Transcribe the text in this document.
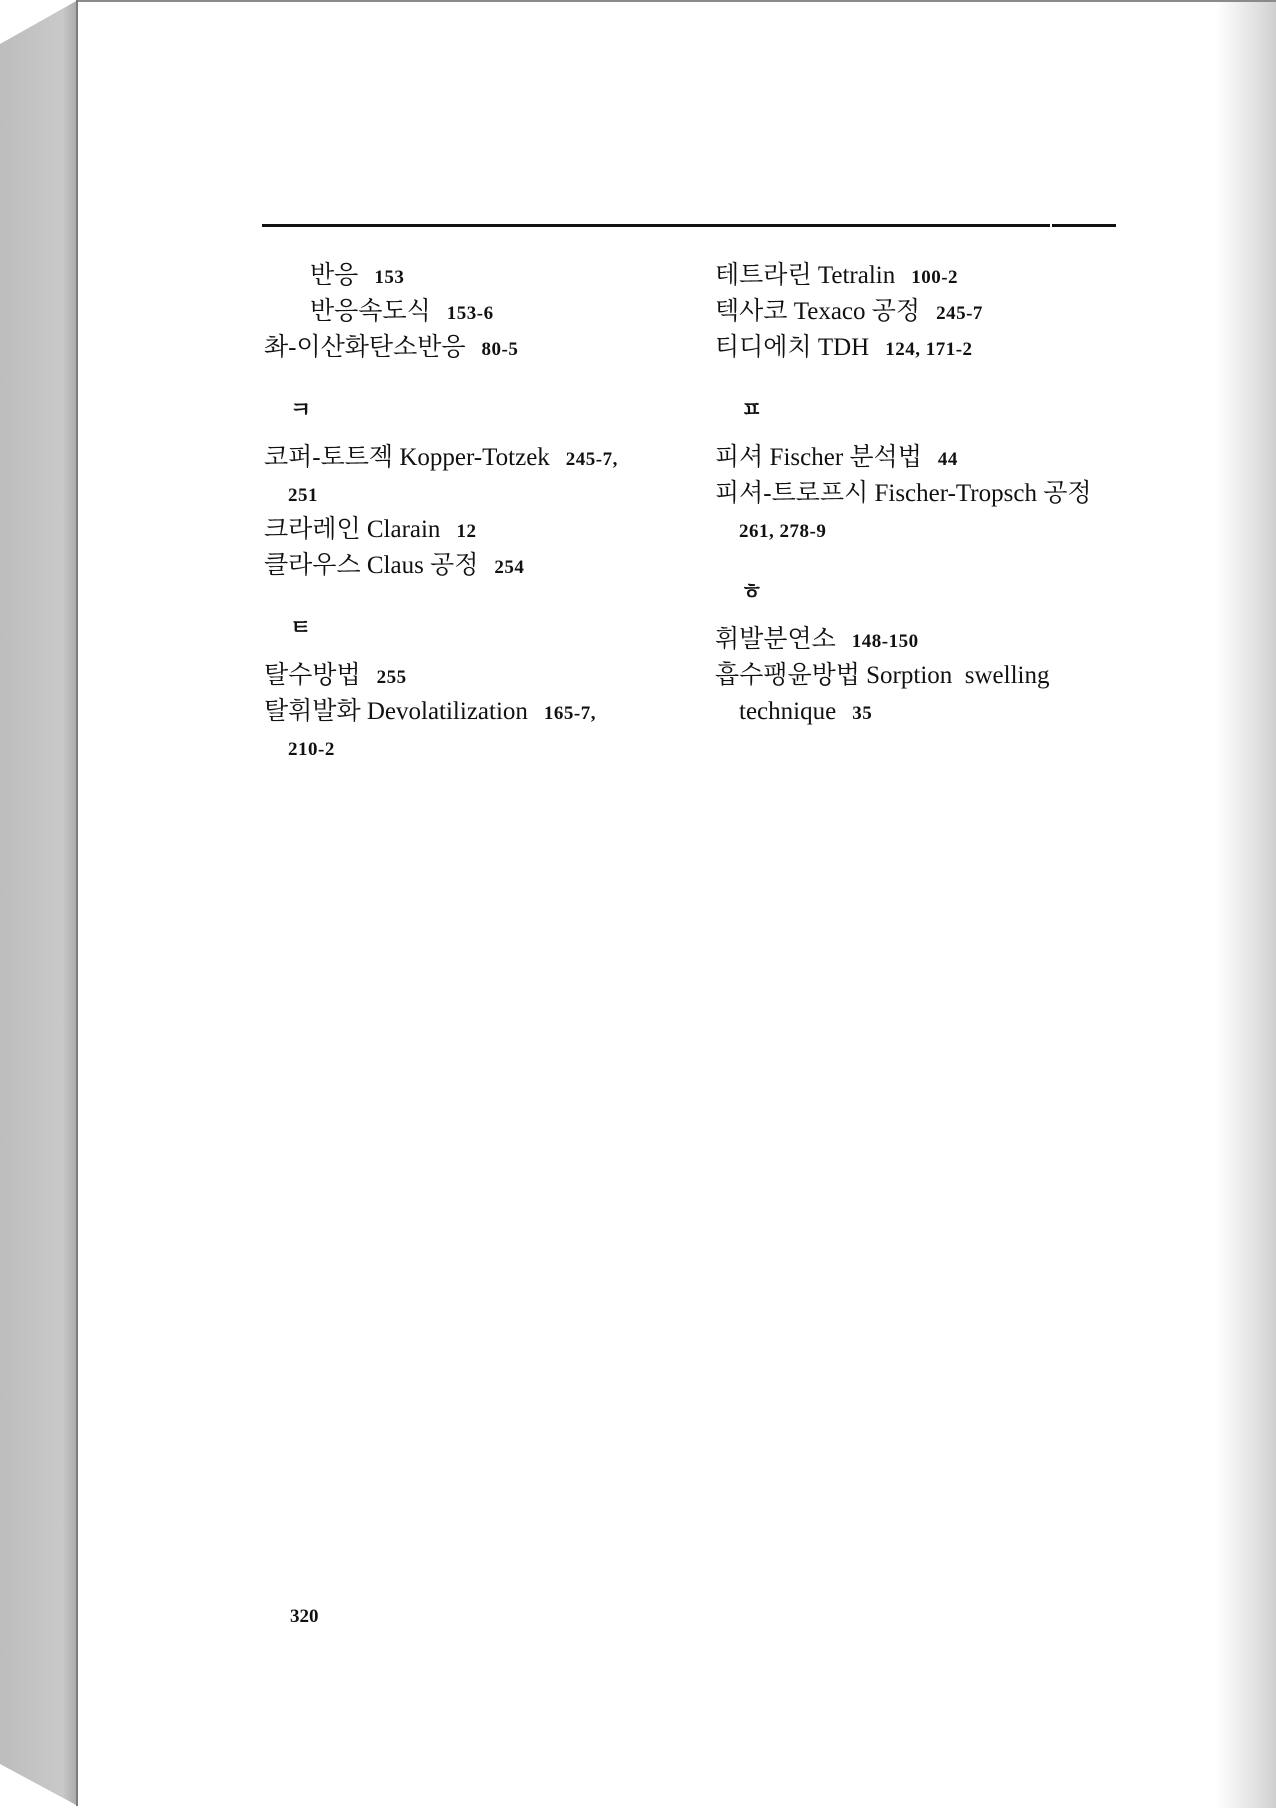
반응 153
반응속도식 153-6
촤-이산화탄소반응 80-5
ㅋ
코퍼-토트젝 Kopper-Totzek 245-7,
251
크라레인 Clarain 12
클라우스 Claus 공정 254
ㅌ
탈수방법 255
탈휘발화 Devolatilization 165-7,
210-2
테트라린 Tetralin 100-2
텍사코 Texaco 공정 245-7
티디에치 TDH 124, 171-2
ㅍ
피셔 Fischer 분석법 44
피셔-트로프시 Fischer-Tropsch 공정
261, 278-9
ㅎ
휘발분연소 148-150
흡수팽윤방법 Sorption  swelling
technique 35
320
